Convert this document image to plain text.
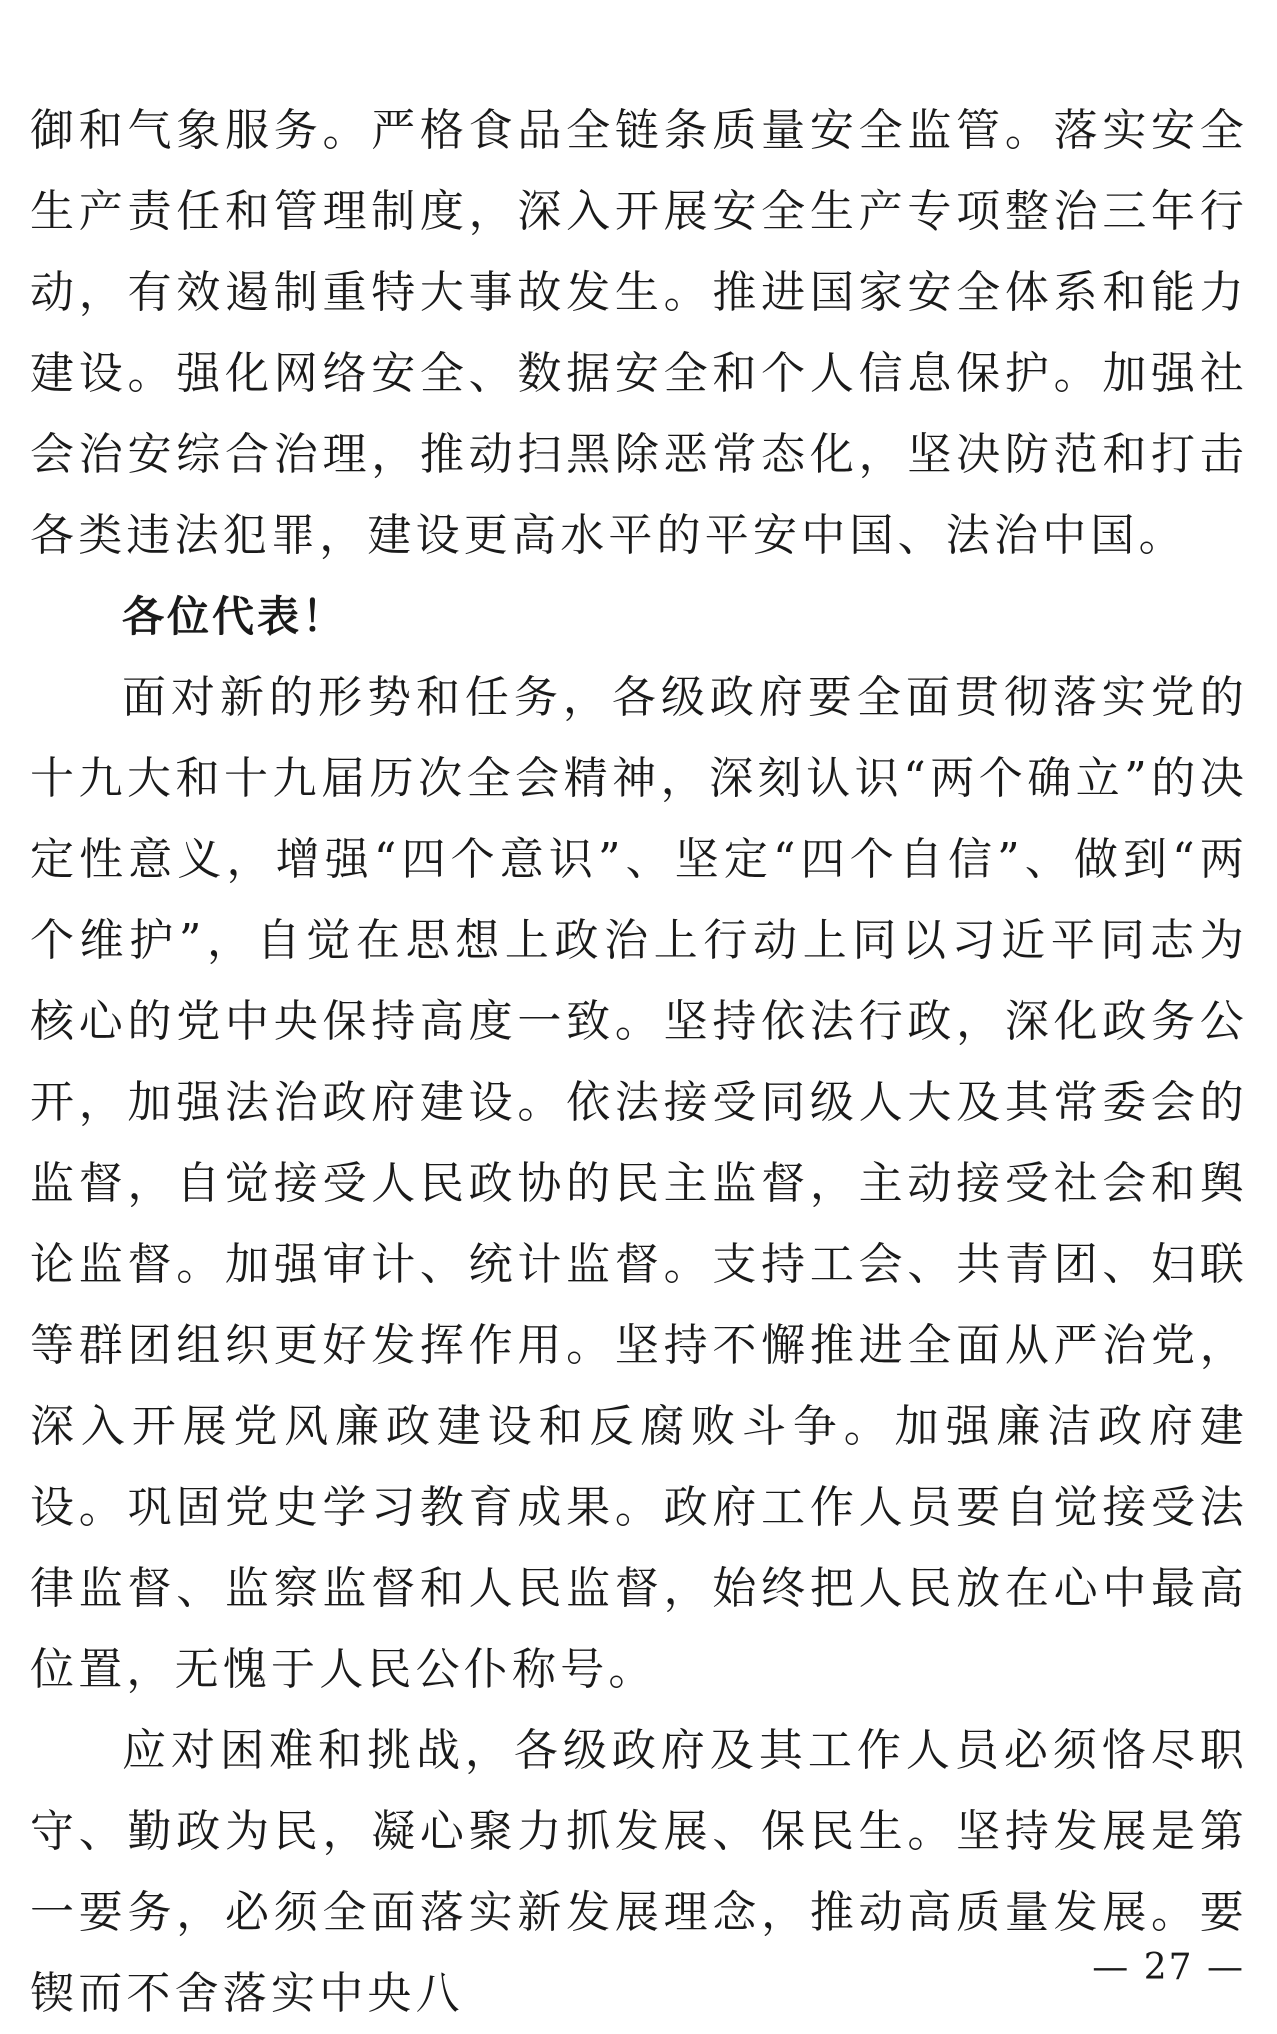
御和气象服务。严格食品全链条质量安全监管。落实安全生产责任和管理制度，深入开展安全生产专项整治三年行动，有效遏制重特大事故发生。推进国家安全体系和能力建设。强化网络安全、数据安全和个人信息保护。加强社会治安综合治理，推动扫黑除恶常态化，坚决防范和打击各类违法犯罪，建设更高水平的平安中国、法治中国。

各位代表！

面对新的形势和任务，各级政府要全面贯彻落实党的十九大和十九届历次全会精神，深刻认识“两个确立”的决定性意义，增强“四个意识”、坚定“四个自信”、做到“两个维护”，自觉在思想上政治上行动上同以习近平同志为核心的党中央保持高度一致。坚持依法行政，深化政务公开，加强法治政府建设。依法接受同级人大及其常委会的监督，自觉接受人民政协的民主监督，主动接受社会和舆论监督。加强审计、统计监督。支持工会、共青团、妇联等群团组织更好发挥作用。坚持不懈推进全面从严治党，深入开展党风廉政建设和反腐败斗争。加强廉洁政府建设。巩固党史学习教育成果。政府工作人员要自觉接受法律监督、监察监督和人民监督，始终把人民放在心中最高位置，无愧于人民公仆称号。

应对困难和挑战，各级政府及其工作人员必须恪尽职守、勤政为民，凝心聚力抓发展、保民生。坚持发展是第一要务，必须全面落实新发展理念，推动高质量发展。要锲而不舍落实中央八

— 27 —
